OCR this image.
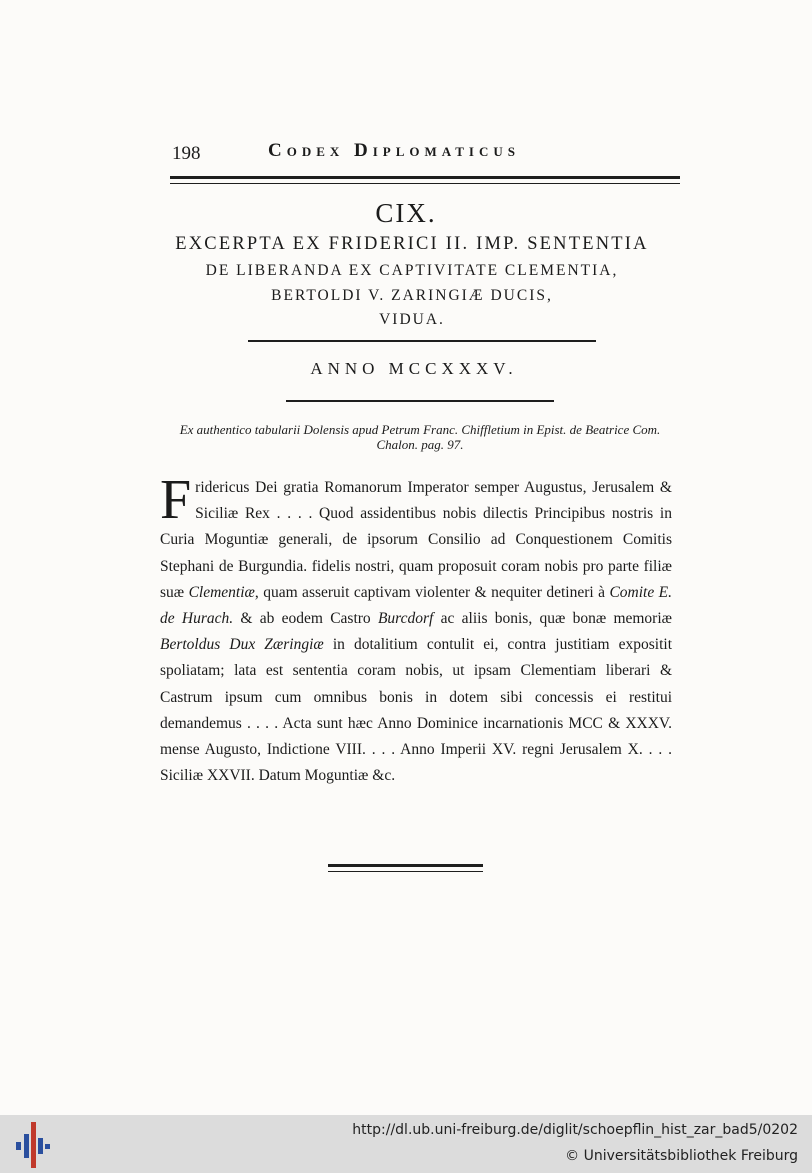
198	Codex Diplomaticus
CIX.
EXCERPTA EX FRIDERICI II. IMP. SENTENTIA
DE LIBERANDA EX CAPTIVITATE CLEMENTIA,
BERTOLDI V. ZARINGIÆ DUCIS,
VIDUA.
ANNO MCCXXXV.
Ex authentico tabularii Dolensis apud Petrum Franc. Chiffletium in Epist. de Beatrice Com. Chalon. pag. 97.

Fridericus Dei gratia Romanorum Imperator semper Augustus, Jerusalem & Siciliæ Rex . . . . Quod assidentibus nobis dilectis Principibus nostris in Curia Moguntiæ generali, de ipsorum Consilio ad Conquestionem Comitis Stephani de Burgundia. fidelis nostri, quam proposuit coram nobis pro parte filiæ suæ Clementiæ, quam asseruit captivam violenter & nequiter detineri à Comite E. de Hurach. & ab eodem Castro Burcdorf ac aliis bonis, quæ bonæ memoriæ Bertoldus Dux Zæringiæ in dotalitium contulit ei, contra justitiam expositit spoliatam; lata est sententia coram nobis, ut ipsam Clementiam liberari & Castrum ipsum cum omnibus bonis in dotem sibi concessis ei restitui demandemus . . . . Acta sunt hæc Anno Dominice incarnationis MCC & XXXV. mense Augusto, Indictione VIII. . . . Anno Imperii XV. regni Jerusalem X. . . . Siciliæ XXVII. Datum Moguntiæ &c.

http://dl.ub.uni-freiburg.de/diglit/schoepflin_hist_zar_bad5/0202
© Universitätsbibliothek Freiburg
